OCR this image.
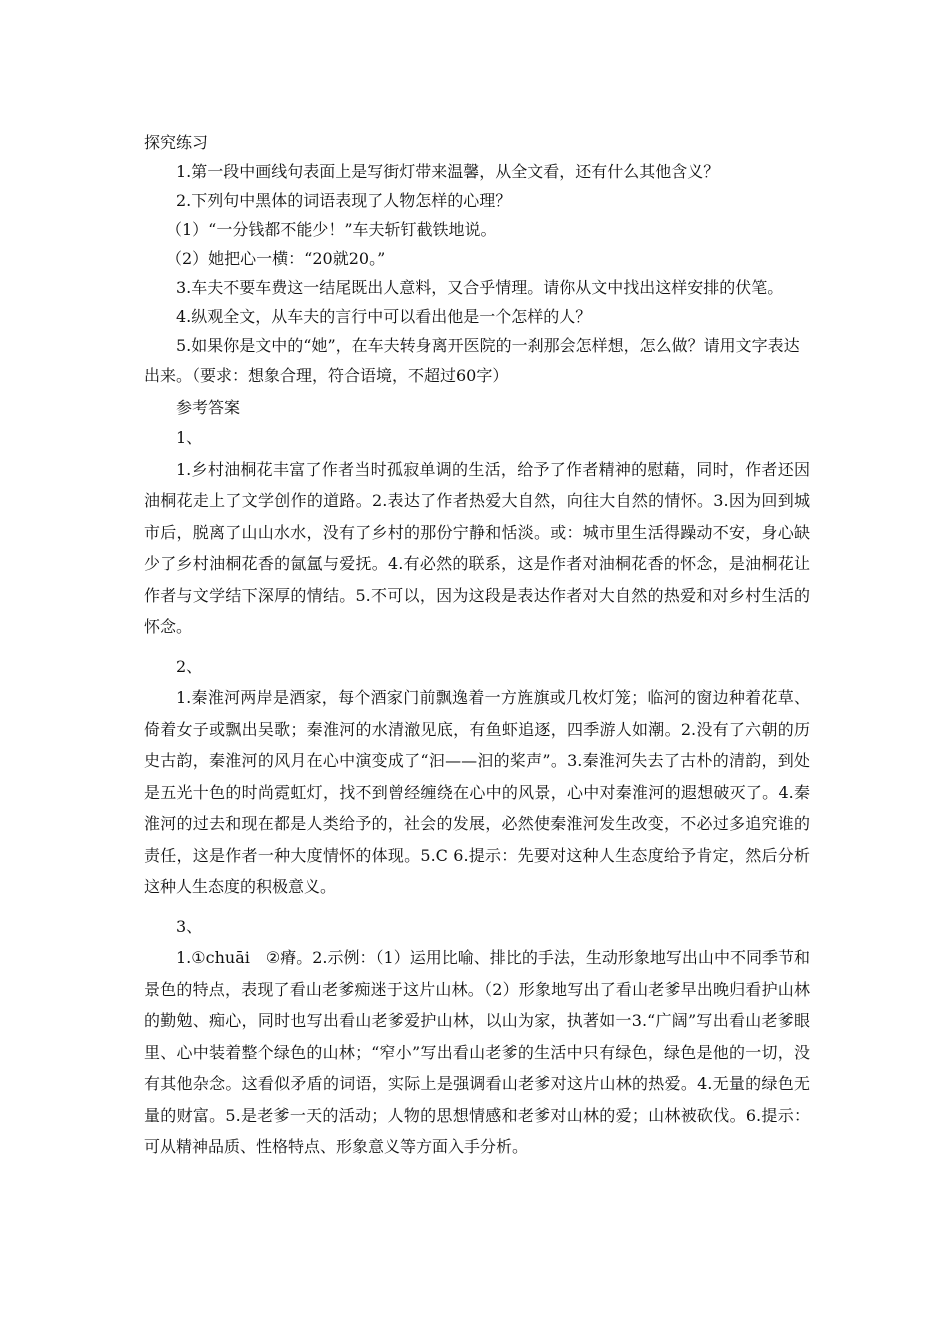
探究练习

1.第一段中画线句表面上是写街灯带来温馨，从全文看，还有什么其他含义？

2.下列句中黑体的词语表现了人物怎样的心理？

（1）“一分钱都不能少！”车夫斩钉截铁地说。

（2）她把心一横：“20就20。”

3.车夫不要车费这一结尾既出人意料，又合乎情理。请你从文中找出这样安排的伏笔。

4.纵观全文，从车夫的言行中可以看出他是一个怎样的人？

5.如果你是文中的“她”，在车夫转身离开医院的一刹那会怎样想，怎么做？请用文字表达出来。（要求：想象合理，符合语境，不超过60字）

参考答案

1、

1.乡村油桐花丰富了作者当时孤寂单调的生活，给予了作者精神的慰藉，同时，作者还因油桐花走上了文学创作的道路。2.表达了作者热爱大自然，向往大自然的情怀。3.因为回到城市后，脱离了山山水水，没有了乡村的那份宁静和恬淡。或：城市里生活得躁动不安，身心缺少了乡村油桐花香的氤氲与爱抚。4.有必然的联系，这是作者对油桐花香的怀念，是油桐花让作者与文学结下深厚的情结。5.不可以，因为这段是表达作者对大自然的热爱和对乡村生活的怀念。

2、

1.秦淮河两岸是酒家，每个酒家门前飘逸着一方旌旗或几枚灯笼；临河的窗边种着花草、倚着女子或飘出吴歌；秦淮河的水清澈见底，有鱼虾追逐，四季游人如潮。2.没有了六朝的历史古韵，秦淮河的风月在心中演变成了“汩——汩的桨声”。3.秦淮河失去了古朴的清韵，到处是五光十色的时尚霓虹灯，找不到曾经缠绕在心中的风景，心中对秦淮河的遐想破灭了。4.秦淮河的过去和现在都是人类给予的，社会的发展，必然使秦淮河发生改变，不必过多追究谁的责任，这是作者一种大度情怀的体现。5.C 6.提示：先要对这种人生态度给予肯定，然后分析这种人生态度的积极意义。

3、

1.①chuāi　②瘠。2.示例：（1）运用比喻、排比的手法，生动形象地写出山中不同季节和景色的特点，表现了看山老爹痴迷于这片山林。（2）形象地写出了看山老爹早出晚归看护山林的勤勉、痴心，同时也写出看山老爹爱护山林，以山为家，执著如一3.“广阔”写出看山老爹眼里、心中装着整个绿色的山林；“窄小”写出看山老爹的生活中只有绿色，绿色是他的一切，没有其他杂念。这看似矛盾的词语，实际上是强调看山老爹对这片山林的热爱。4.无量的绿色无量的财富。5.是老爹一天的活动；人物的思想情感和老爹对山林的爱；山林被砍伐。6.提示：可从精神品质、性格特点、形象意义等方面入手分析。
